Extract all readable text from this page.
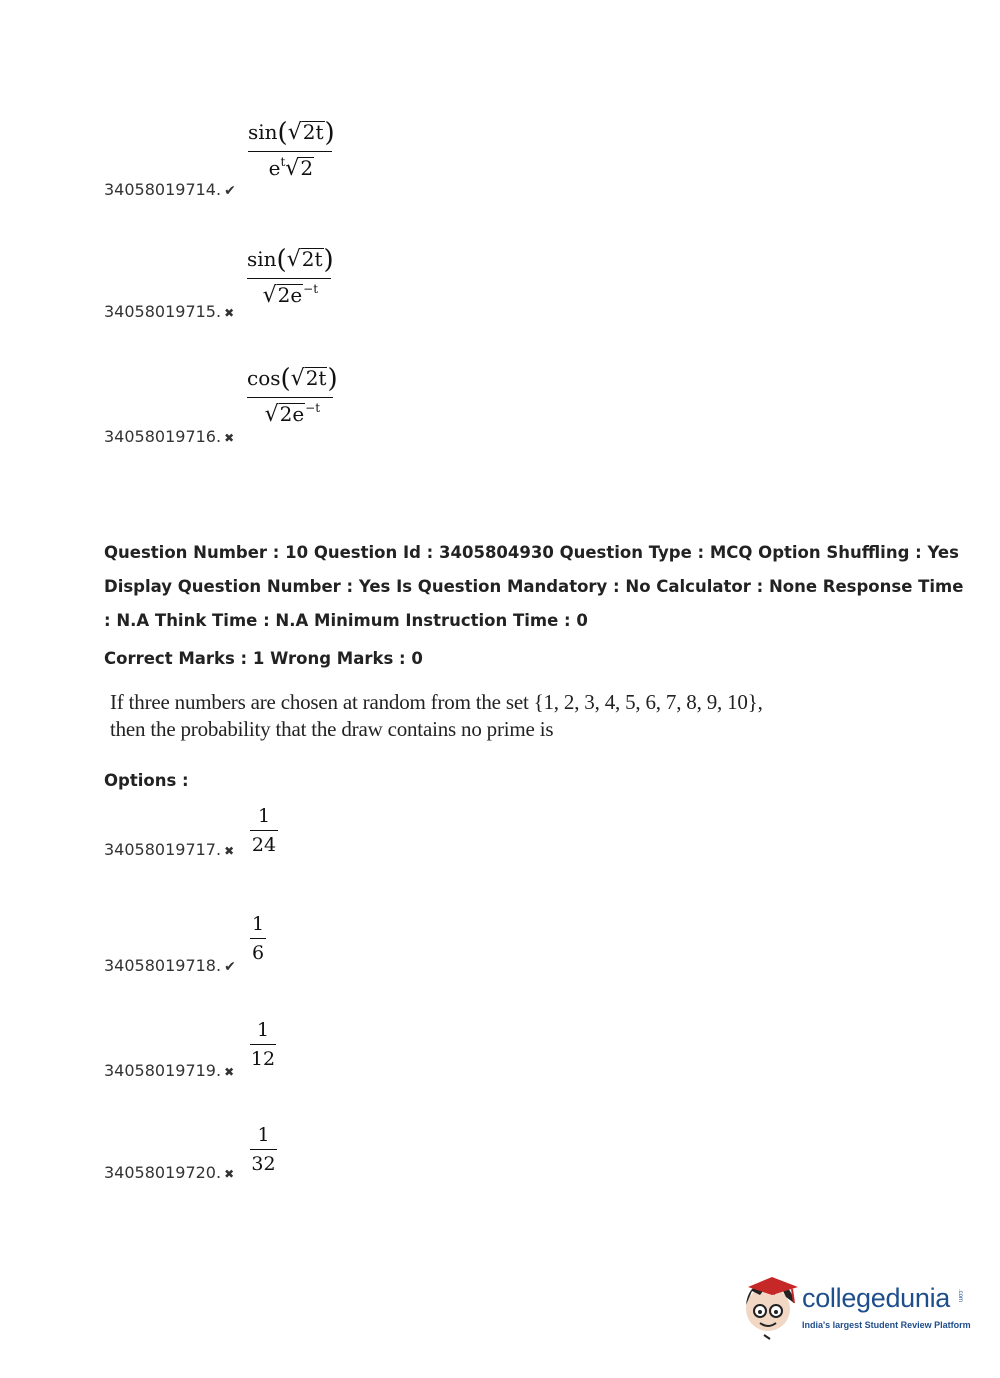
sin(√2t)
$e^t√2$
34058019714. ✔
sin(√2t)
$√2e^{-t}$
34058019715. ✖
cos(√2t)
$√2e^{-t}$
34058019716. ✖
Question Number : 10 Question Id : 3405804930 Question Type : MCQ Option Shuffling : Yes
Display Question Number : Yes Is Question Mandatory : No Calculator : None Response Time
: N.A Think Time : N.A Minimum Instruction Time : 0
Correct Marks : 1 Wrong Marks : 0
If three numbers are chosen at random from the set {1, 2, 3, 4, 5, 6, 7, 8, 9, 10},
then the probability that the draw contains no prime is
Options :
1
24
34058019717. ✖
1
6
34058019718. ✔
1
12
34058019719. ✖
1
32
34058019720. ✖
collegedunia .com
India's largest Student Review Platform
